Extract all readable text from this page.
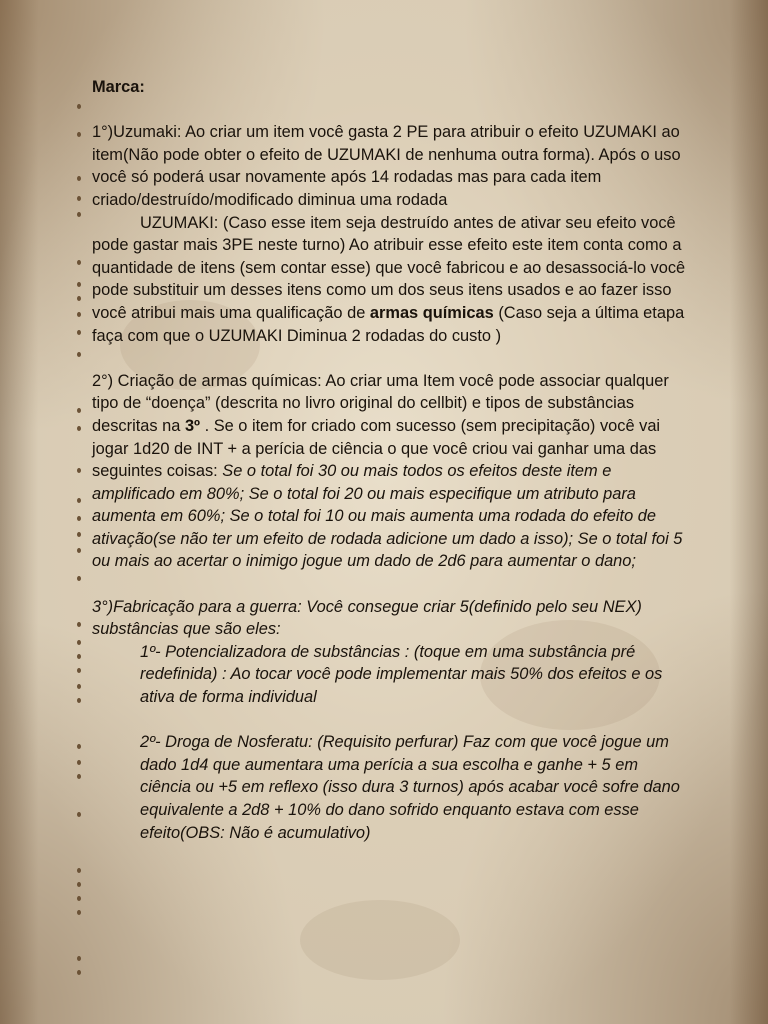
Marca:

1°)Uzumaki: Ao criar um item você gasta 2 PE para atribuir o efeito UZUMAKI ao item(Não pode obter o efeito de UZUMAKI de nenhuma outra forma). Após o uso você só poderá usar novamente após 14 rodadas mas para cada item criado/destruído/modificado diminua uma rodada

UZUMAKI: (Caso esse item seja destruído antes de ativar seu efeito você pode gastar mais 3PE neste turno) Ao atribuir esse efeito este item conta como a quantidade de itens (sem contar esse) que você fabricou e ao desassociá-lo você pode substituir um desses itens como um dos seus itens usados e ao fazer isso você atribui mais uma qualificação de armas químicas (Caso seja a última etapa faça com que o UZUMAKI Diminua 2 rodadas do custo )

2°) Criação de armas químicas: Ao criar uma Item você pode associar qualquer tipo de “doença” (descrita no livro original do cellbit) e tipos de substâncias descritas na 3º . Se o item for criado com sucesso (sem precipitação) você vai jogar 1d20 de INT + a perícia de ciência o que você criou vai ganhar uma das seguintes coisas: Se o total foi 30 ou mais todos os efeitos deste item e amplificado em 80%; Se o total foi 20 ou mais especifique um atributo para aumenta em 60%; Se o total foi 10 ou mais aumenta uma rodada do efeito de ativação(se não ter um efeito de rodada adicione um dado a isso); Se o total foi 5 ou mais ao acertar o inimigo jogue um dado de 2d6 para aumentar o dano;

3°)Fabricação para a guerra: Você consegue criar 5(definido pelo seu NEX) substâncias que são eles:

1º- Potencializadora de substâncias : (toque em uma substância pré redefinida) : Ao tocar você pode implementar mais 50% dos efeitos e os ativa de forma individual

2º- Droga de Nosferatu: (Requisito perfurar) Faz com que você jogue um dado 1d4 que aumentara uma perícia a sua escolha e ganhe + 5 em ciência ou +5 em reflexo (isso dura 3 turnos) após acabar você sofre dano equivalente a 2d8 + 10% do dano sofrido enquanto estava com esse efeito(OBS: Não é acumulativo)
